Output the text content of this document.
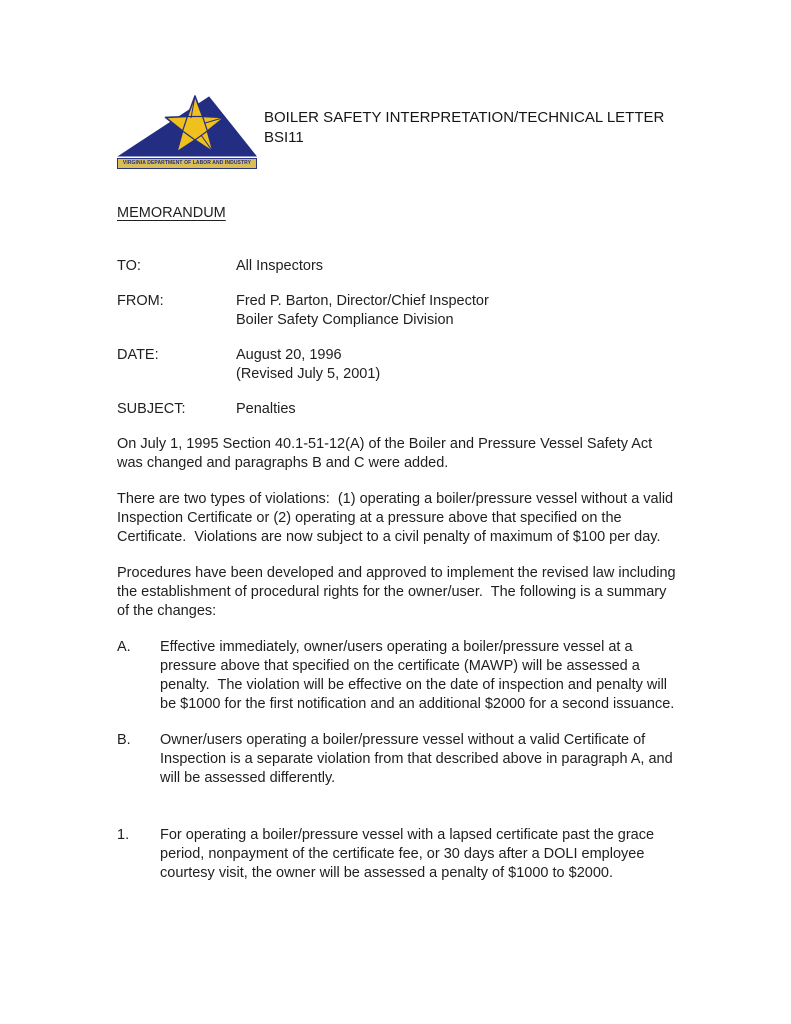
VIRGINIA DEPARTMENT OF LABOR AND INDUSTRY
BOILER SAFETY INTERPRETATION/TECHNICAL LETTER
BSI11
MEMORANDUM
TO:	All Inspectors
FROM:	Fred P. Barton, Director/Chief Inspector
Boiler Safety Compliance Division
DATE:	August 20, 1996
(Revised July 5, 2001)
SUBJECT:	Penalties
On July 1, 1995 Section 40.1-51-12(A) of the Boiler and Pressure Vessel Safety Act was changed and paragraphs B and C were added.
There are two types of violations:  (1) operating a boiler/pressure vessel without a valid Inspection Certificate or (2) operating at a pressure above that specified on the Certificate.  Violations are now subject to a civil penalty of maximum of $100 per day.
Procedures have been developed and approved to implement the revised law including the establishment of procedural rights for the owner/user.  The following is a summary of the changes:
A.	Effective immediately, owner/users operating a boiler/pressure vessel at a pressure above that specified on the certificate (MAWP) will be assessed a penalty.  The violation will be effective on the date of inspection and penalty will be $1000 for the first notification and an additional $2000 for a second issuance.
B.	Owner/users operating a boiler/pressure vessel without a valid Certificate of Inspection is a separate violation from that described above in paragraph A, and will be assessed differently.
1.	For operating a boiler/pressure vessel with a lapsed certificate past the grace period, nonpayment of the certificate fee, or 30 days after a DOLI employee courtesy visit, the owner will be assessed a penalty of $1000 to $2000.
